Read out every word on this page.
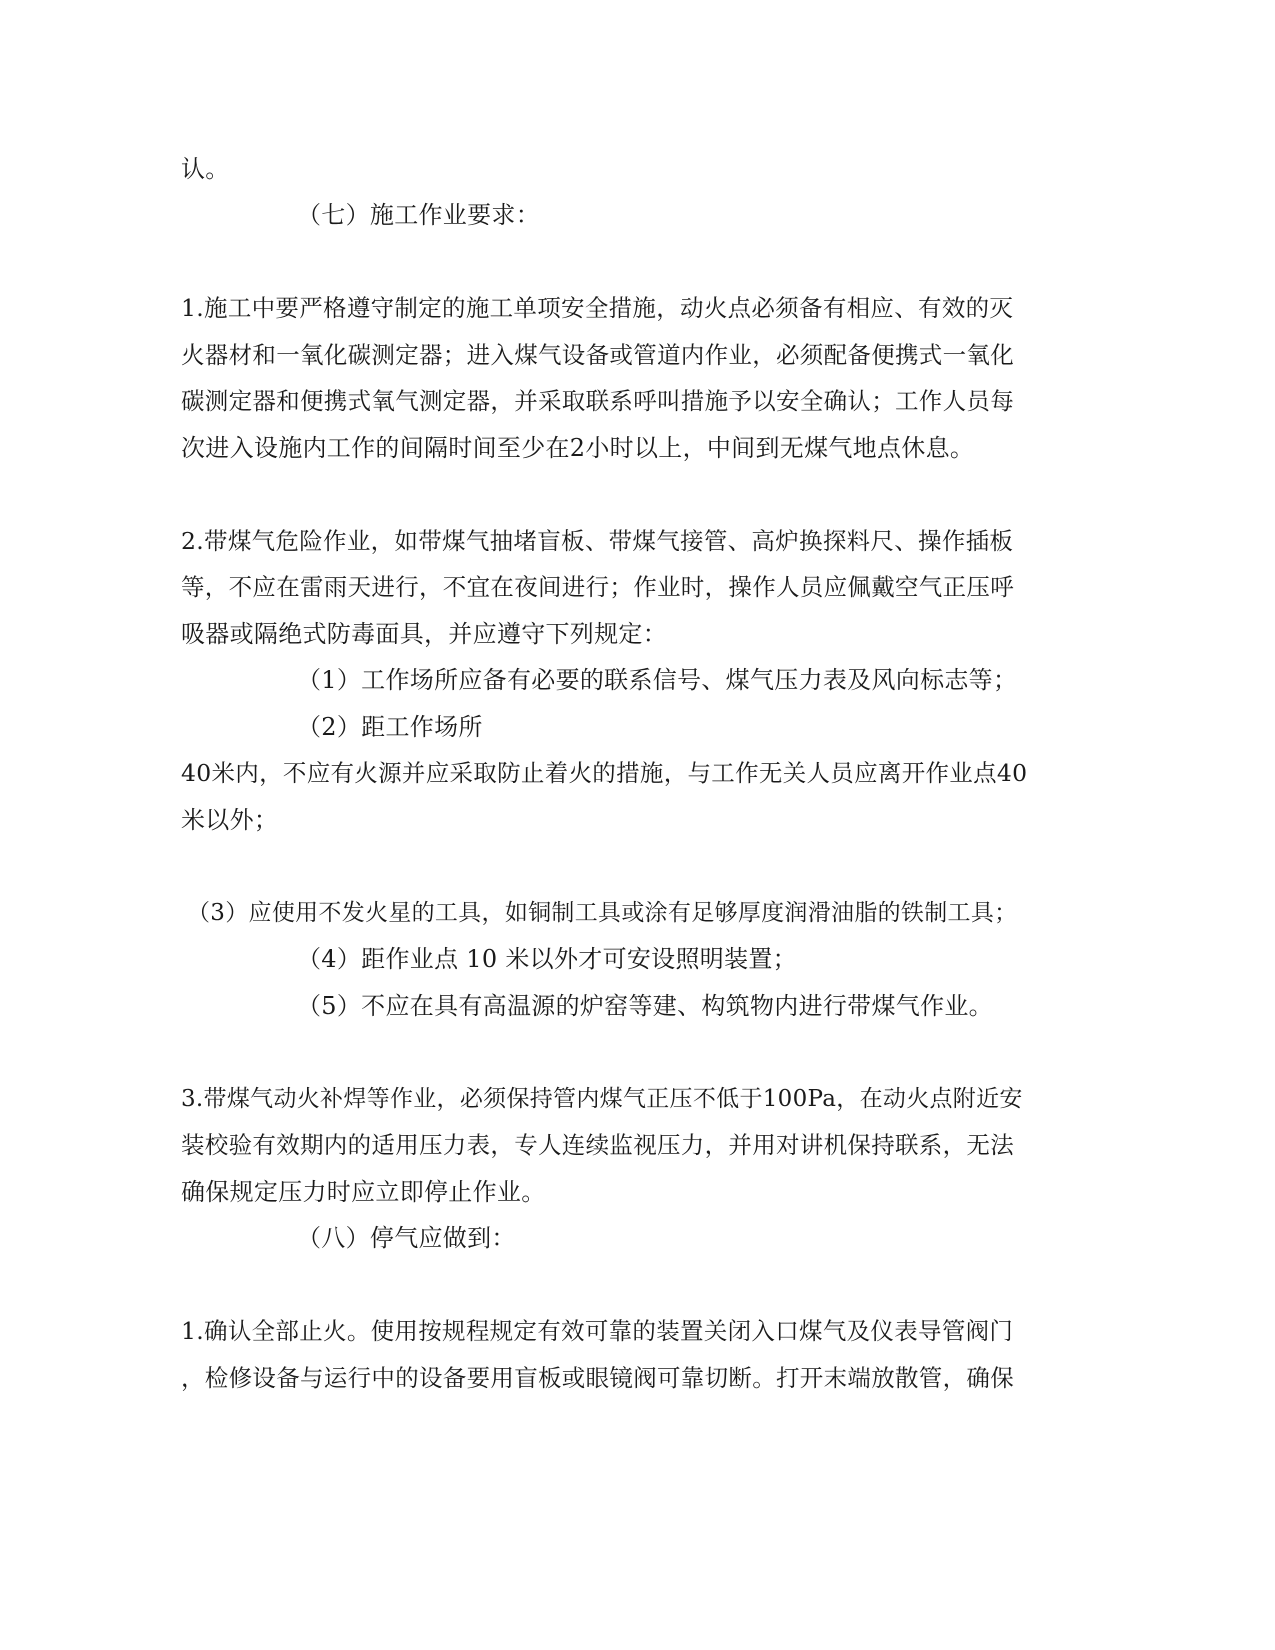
认。
（七）施工作业要求：
1.施工中要严格遵守制定的施工单项安全措施，动火点必须备有相应、有效的灭
火器材和一氧化碳测定器；进入煤气设备或管道内作业，必须配备便携式一氧化
碳测定器和便携式氧气测定器，并采取联系呼叫措施予以安全确认；工作人员每
次进入设施内工作的间隔时间至少在2小时以上，中间到无煤气地点休息。
2.带煤气危险作业，如带煤气抽堵盲板、带煤气接管、高炉换探料尺、操作插板
等，不应在雷雨天进行，不宜在夜间进行；作业时，操作人员应佩戴空气正压呼
吸器或隔绝式防毒面具，并应遵守下列规定：
（1）工作场所应备有必要的联系信号、煤气压力表及风向标志等；
（2）距工作场所
40米内，不应有火源并应采取防止着火的措施，与工作无关人员应离开作业点40
米以外；
（3）应使用不发火星的工具，如铜制工具或涂有足够厚度润滑油脂的铁制工具；
（4）距作业点 10 米以外才可安设照明装置；
（5）不应在具有高温源的炉窑等建、构筑物内进行带煤气作业。
3.带煤气动火补焊等作业，必须保持管内煤气正压不低于100Pa，在动火点附近安
装校验有效期内的适用压力表，专人连续监视压力，并用对讲机保持联系，无法
确保规定压力时应立即停止作业。
（八）停气应做到：
1.确认全部止火。使用按规程规定有效可靠的装置关闭入口煤气及仪表导管阀门
，检修设备与运行中的设备要用盲板或眼镜阀可靠切断。打开末端放散管，确保
